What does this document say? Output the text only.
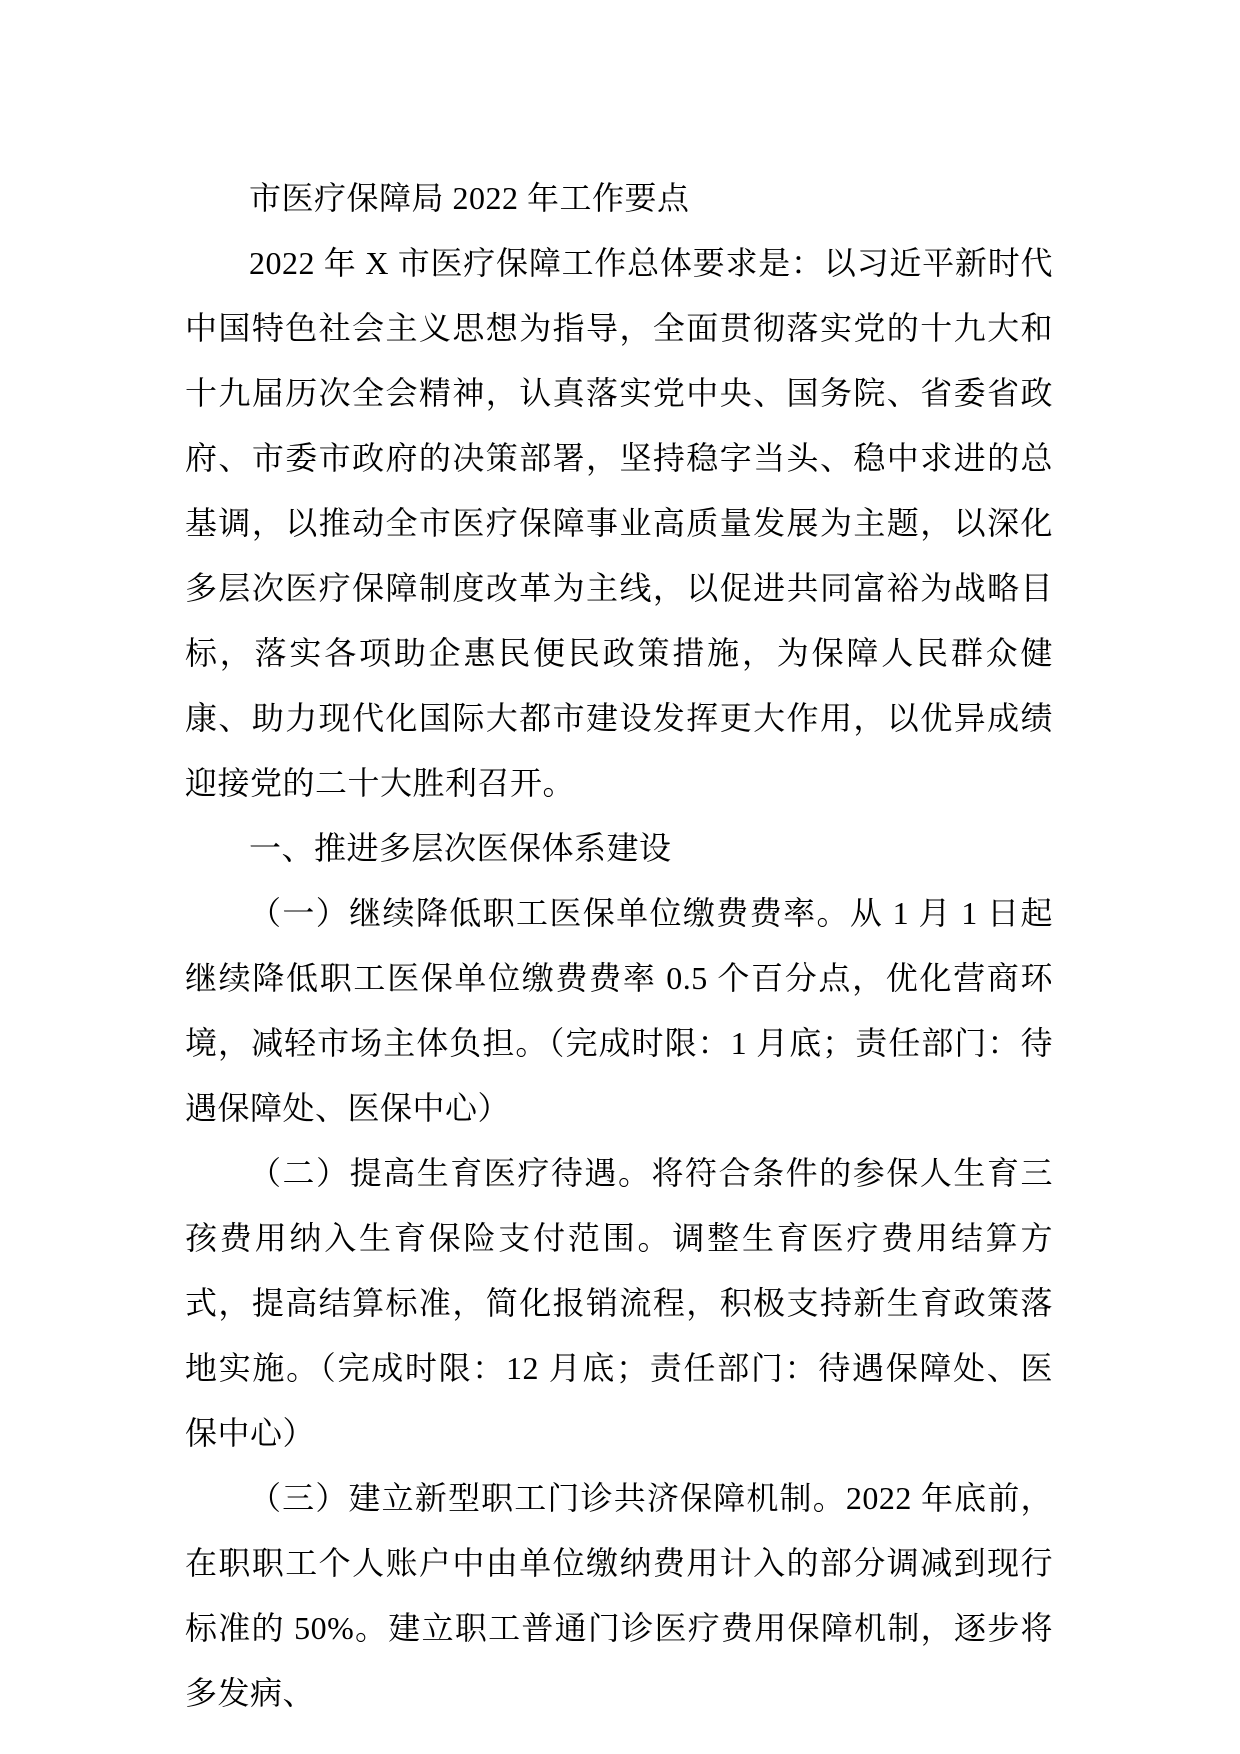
市医疗保障局 2022 年工作要点

2022 年 X 市医疗保障工作总体要求是：以习近平新时代中国特色社会主义思想为指导，全面贯彻落实党的十九大和十九届历次全会精神，认真落实党中央、国务院、省委省政府、市委市政府的决策部署，坚持稳字当头、稳中求进的总基调，以推动全市医疗保障事业高质量发展为主题，以深化多层次医疗保障制度改革为主线，以促进共同富裕为战略目标，落实各项助企惠民便民政策措施，为保障人民群众健康、助力现代化国际大都市建设发挥更大作用，以优异成绩迎接党的二十大胜利召开。

一、推进多层次医保体系建设

（一）继续降低职工医保单位缴费费率。从 1 月 1 日起继续降低职工医保单位缴费费率 0.5 个百分点，优化营商环境，减轻市场主体负担。（完成时限：1 月底；责任部门：待遇保障处、医保中心）

（二）提高生育医疗待遇。将符合条件的参保人生育三孩费用纳入生育保险支付范围。调整生育医疗费用结算方式，提高结算标准，简化报销流程，积极支持新生育政策落地实施。（完成时限：12 月底；责任部门：待遇保障处、医保中心）

（三）建立新型职工门诊共济保障机制。2022 年底前，在职职工个人账户中由单位缴纳费用计入的部分调减到现行标准的 50%。建立职工普通门诊医疗费用保障机制，逐步将多发病、
